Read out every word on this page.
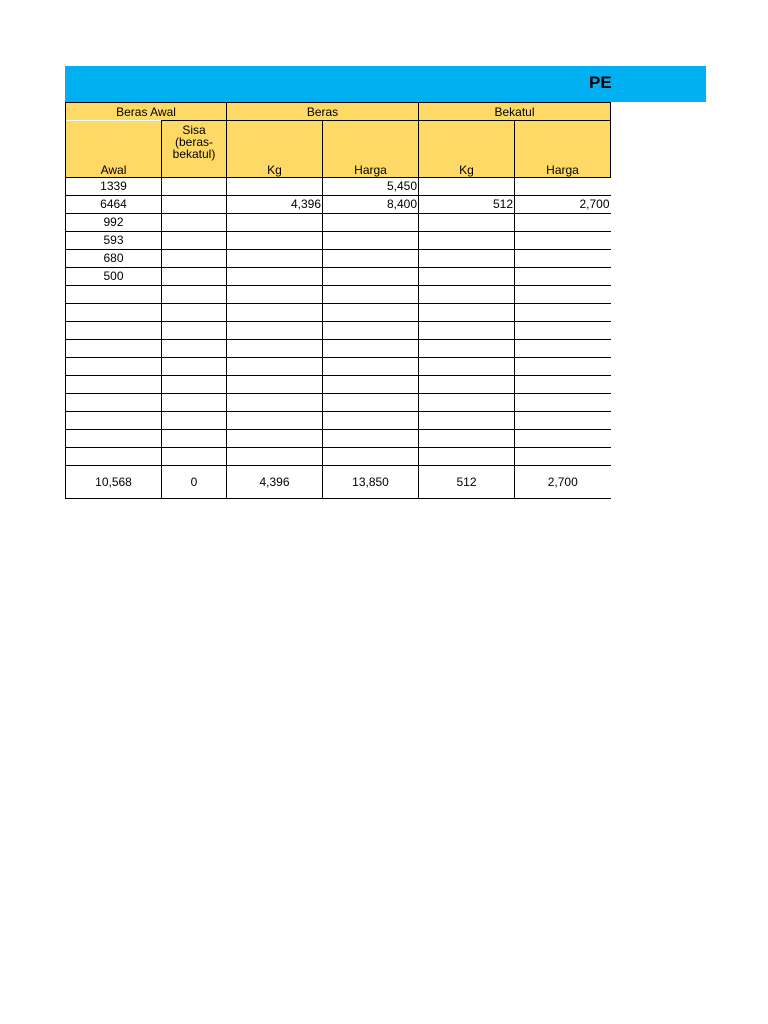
PE
Beras Awal		Beras		Bekatul	
Awal	Sisa (beras-bekatul)	Kg	Harga	Kg	Harga
1339			5,450		
6464		4,396	8,400	512	2,700
992					
593					
680					
500					

10,568	0	4,396	13,850	512	2,700
